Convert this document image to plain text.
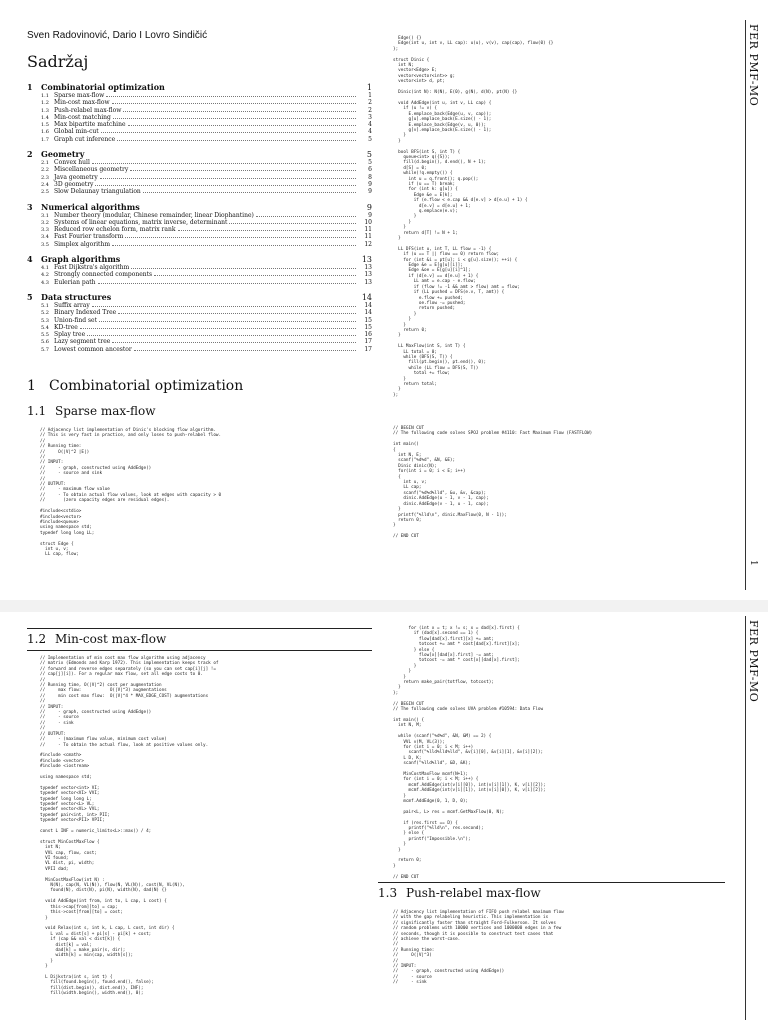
Sven Radovinović, Dario I Lovro Sindičić
Sadržaj
1	Combinatorial optimization	1
1.1 Sparse max-flow	1
1.2 Min-cost max-flow	2
1.3 Push-relabel max-flow	2
1.4 Min-cost matching	3
1.5 Max bipartite matchine	4
1.6 Global min-cut	4
1.7 Graph cut inference	5
2	Geometry	5
2.1 Convex hull	5
2.2 Miscellaneous geometry	6
2.3 Java geometry	8
2.4 3D geometry	9
2.5 Slow Delaunay triangulation	9
3	Numerical algorithms	9
3.1 Number theory (modular, Chinese remainder, linear Diophantine)	9
3.2 Systems of linear equations, matrix inverse, determinant	10
3.3 Reduced row echelon form, matrix rank	11
3.4 Fast Fourier transform	11
3.5 Simplex algorithm	12
4	Graph algorithms	13
4.1 Fast Dijkstra's algorithm	13
4.2 Strongly connected components	13
4.3 Eulerian path	13
5	Data structures	14
5.1 Suffix array	14
5.2 Binary Indexed Tree	14
5.3 Union-find set	15
5.4 KD-tree	15
5.5 Splay tree	16
5.6 Lazy segment tree	17
5.7 Lowest common ancestor	17
1 Combinatorial optimization
1.1 Sparse max-flow
// Adjacency list implementation of Dinic's blocking flow algorithm.
// This is very fast in practice, and only loses to push-relabel flow.
//
// Running time:
//     O(|V|^2 |E|)
//
// INPUT:
//     - graph, constructed using AddEdge()
//     - source and sink
//
// OUTPUT:
//     - maximum flow value
//     - To obtain actual flow values, look at edges with capacity > 0
//       (zero capacity edges are residual edges).

#include<cstdio>
#include<vector>
#include<queue>
using namespace std;
typedef long long LL;

struct Edge {
int u, v;
LL cap, flow;
Edge() {}
Edge(int u, int v, LL cap): u(u), v(v), cap(cap), flow(0) {}
};

struct Dinic {
int N;
vector<Edge> E;
vector<vector<int>> g;
vector<int> d, pt;

Dinic(int N): N(N), E(0), g(N), d(N), pt(N) {}

void AddEdge(int u, int v, LL cap) {
if (u != v) {
E.emplace_back(Edge(u, v, cap));
g[u].emplace_back(E.size() - 1);
E.emplace_back(Edge(v, u, 0));
g[v].emplace_back(E.size() - 1);
}
}

bool BFS(int S, int T) {
queue<int> q({S});
fill(d.begin(), d.end(), N + 1);
d[S] = 0;
while(!q.empty()) {
int u = q.front(); q.pop();
if (u == T) break;
for (int k: g[u]) {
Edge &e = E[k];
if (e.flow < e.cap && d[e.v] > d[e.u] + 1) {
d[e.v] = d[e.u] + 1;
q.emplace(e.v);
}
}
}
return d[T] != N + 1;
}

LL DFS(int u, int T, LL flow = -1) {
if (u == T || flow == 0) return flow;
for (int &i = pt[u]; i < g[u].size(); ++i) {
Edge &e = E[g[u][i]];
Edge &oe = E[g[u][i]^1];
if (d[e.v] == d[e.u] + 1) {
LL amt = e.cap - e.flow;
if (flow != -1 && amt > flow) amt = flow;
if (LL pushed = DFS(e.v, T, amt)) {
e.flow += pushed;
oe.flow -= pushed;
return pushed;
}
}
}
return 0;
}

LL MaxFlow(int S, int T) {
LL total = 0;
while (BFS(S, T)) {
fill(pt.begin(), pt.end(), 0);
while (LL flow = DFS(S, T))
total += flow;
}
return total;
}
};
// BEGIN CUT
// The following code solves SPOJ problem #4110: Fast Maximum Flow (FASTFLOW)

int main()
{
int N, E;
scanf("%d%d", &N, &E);
Dinic dinic(N);
for(int i = 0; i < E; i++)
{
int u, v;
LL cap;
scanf("%d%d%lld", &u, &v, &cap);
dinic.AddEdge(u - 1, v - 1, cap);
dinic.AddEdge(v - 1, u - 1, cap);
}
printf("%lld\n", dinic.MaxFlow(0, N - 1));
return 0;
}

// END CUT
FER PMF-MO
1
1.2 Min-cost max-flow
// Implementation of min cost max flow algorithm using adjacency
// matrix (Edmonds and Karp 1972). This implementation keeps track of
// forward and reverse edges separately (so you can set cap[i][j] !=
// cap[j][i]). For a regular max flow, set all edge costs to 0.
//
// Running time, O(|V|^2) cost per augmentation
//     max flow:           O(|V|^3) augmentations
//     min cost max flow:  O(|V|^4 * MAX_EDGE_COST) augmentations
//
// INPUT:
//     - graph, constructed using AddEdge()
//     - source
//     - sink
//
// OUTPUT:
//     - (maximum flow value, minimum cost value)
//     - To obtain the actual flow, look at positive values only.

#include <cmath>
#include <vector>
#include <iostream>

using namespace std;

typedef vector<int> VI;
typedef vector<VI> VVI;
typedef long long L;
typedef vector<L> VL;
typedef vector<VL> VVL;
typedef pair<int, int> PII;
typedef vector<PII> VPII;

const L INF = numeric_limits<L>::max() / 4;

struct MinCostMaxFlow {
int N;
VVL cap, flow, cost;
VI found;
VL dist, pi, width;
VPII dad;

MinCostMaxFlow(int N) :
N(N), cap(N, VL(N)), flow(N, VL(N)), cost(N, VL(N)),
found(N), dist(N), pi(N), width(N), dad(N) {}

void AddEdge(int from, int to, L cap, L cost) {
this->cap[from][to] = cap;
this->cost[from][to] = cost;
}

void Relax(int s, int k, L cap, L cost, int dir) {
L val = dist[s] + pi[s] - pi[k] + cost;
if (cap && val < dist[k]) {
dist[k] = val;
dad[k] = make_pair(s, dir);
width[k] = min(cap, width[s]);
}
}

L Dijkstra(int s, int t) {
fill(found.begin(), found.end(), false);
fill(dist.begin(), dist.end(), INF);
fill(width.begin(), width.end(), 0);
for (int x = t; x != s; x = dad[x].first) {
if (dad[x].second == 1) {
flow[dad[x].first][x] += amt;
totcost += amt * cost[dad[x].first][x];
} else {
flow[x][dad[x].first] -= amt;
totcost -= amt * cost[x][dad[x].first];
}
}
}
return make_pair(totflow, totcost);
}
};

// BEGIN CUT
// The following code solves UVA problem #10594: Data Flow

int main() {
int N, M;

while (scanf("%d%d", &N, &M) == 2) {
VVL v(M, VL(3));
for (int i = 0; i < M; i++)
scanf("%lld%lld%lld", &v[i][0], &v[i][1], &v[i][2]);
L D, K;
scanf("%lld%lld", &D, &K);

MinCostMaxFlow mcmf(N+1);
for (int i = 0; i < M; i++) {
mcmf.AddEdge(int(v[i][0]), int(v[i][1]), K, v[i][2]);
mcmf.AddEdge(int(v[i][1]), int(v[i][0]), K, v[i][2]);
}
mcmf.AddEdge(0, 1, D, 0);

pair<L, L> res = mcmf.GetMaxFlow(0, N);

if (res.first == D) {
printf("%lld\n", res.second);
} else {
printf("Impossible.\n");
}
}

return 0;
}

// END CUT
1.3 Push-relabel max-flow
// Adjacency list implementation of FIFO push relabel maximum flow
// with the gap relabeling heuristic. This implementation is
// significantly faster than straight Ford-Fulkerson. It solves
// random problems with 10000 vertices and 1000000 edges in a few
// seconds, though it is possible to construct test cases that
// achieve the worst-case.
//
// Running time:
//     O(|V|^3)
//
// INPUT:
//     - graph, constructed using AddEdge()
//     - source
//     - sink
FER PMF-MO
